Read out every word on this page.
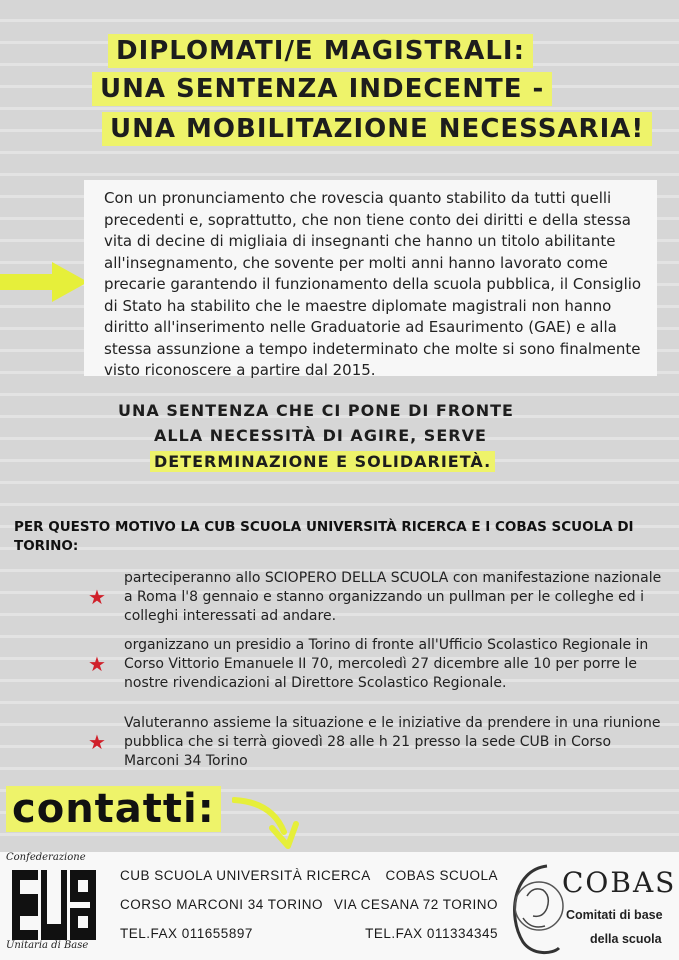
DIPLOMATI/E MAGISTRALI:
UNA SENTENZA INDECENTE -
UNA MOBILITAZIONE NECESSARIA!
Con un pronunciamento che rovescia quanto stabilito da tutti quelli precedenti e, soprattutto, che non tiene conto dei diritti e della stessa vita di decine di migliaia di insegnanti che hanno un titolo abilitante all'insegnamento, che sovente per molti anni hanno lavorato come precarie garantendo il funzionamento della scuola pubblica, il Consiglio di Stato ha stabilito che le maestre diplomate magistrali non hanno diritto all'inserimento nelle Graduatorie ad Esaurimento (GAE) e alla stessa assunzione a tempo indeterminato che molte si sono finalmente visto riconoscere a partire dal 2015.
UNA SENTENZA CHE CI PONE DI FRONTE
ALLA NECESSITÀ DI AGIRE, SERVE
DETERMINAZIONE E SOLIDARIETÀ.
PER QUESTO MOTIVO LA CUB SCUOLA UNIVERSITÀ RICERCA E I COBAS SCUOLA DI TORINO:
★
parteciperanno allo SCIOPERO DELLA SCUOLA con manifestazione nazionale a Roma l'8 gennaio e stanno organizzando un pullman per le colleghe ed i colleghi interessati ad andare.
★
organizzano un presidio a Torino di fronte all'Ufficio Scolastico Regionale in Corso Vittorio Emanuele II 70, mercoledì 27 dicembre alle 10 per porre le nostre rivendicazioni al Direttore Scolastico Regionale.
★
Valuteranno assieme la situazione e le iniziative da prendere in una riunione pubblica che si terrà giovedì 28 alle h 21 presso la sede CUB in Corso Marconi 34 Torino
contatti:
Confederazione
Unitaria di Base
CUB SCUOLA UNIVERSITÀ RICERCA
CORSO MARCONI 34 TORINO
TEL.FAX 011655897
COBAS SCUOLA
VIA CESANA 72 TORINO
TEL.FAX 011334345
COBAS
Comitati di base
della scuola
